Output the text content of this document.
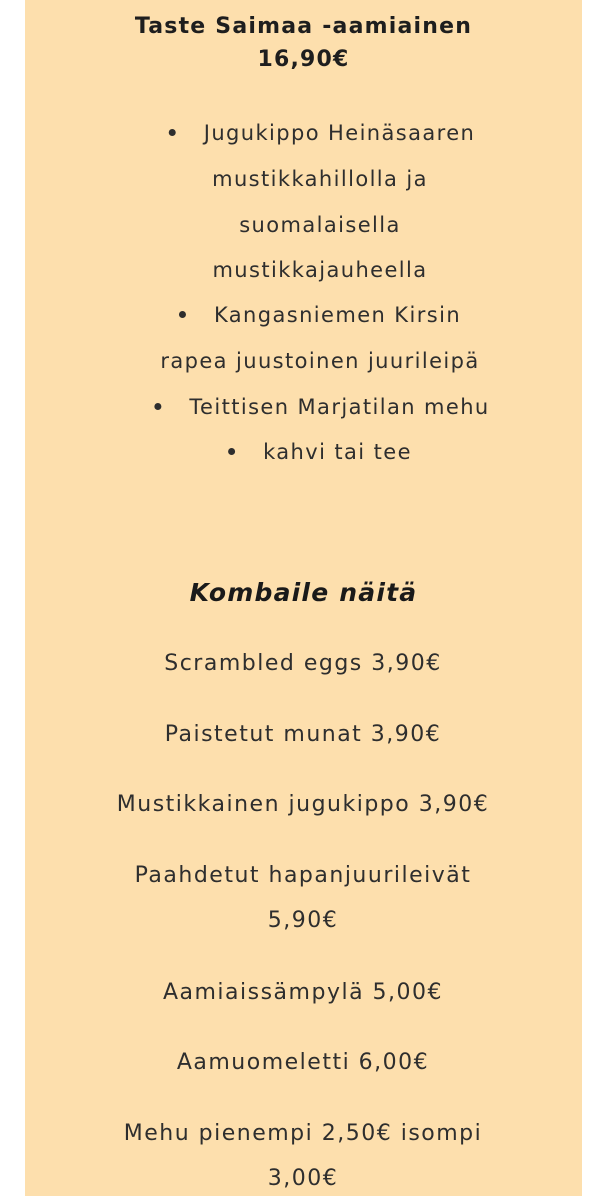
Taste Saimaa -aamiainen
16,90€
Jugukippo Heinäsaaren
mustikkahillolla ja
suomalaisella
mustikkajauheella
Kangasniemen Kirsin
rapea juustoinen juurileipä
Teittisen Marjatilan mehu
kahvi tai tee
Kombaile näitä
Scrambled eggs 3,90€
Paistetut munat 3,90€
Mustikkainen jugukippo 3,90€
Paahdetut hapanjuurileivät
5,90€
Aamiaissämpylä 5,00€
Aamuomeletti 6,00€
Mehu pienempi 2,50€ isompi
3,00€
